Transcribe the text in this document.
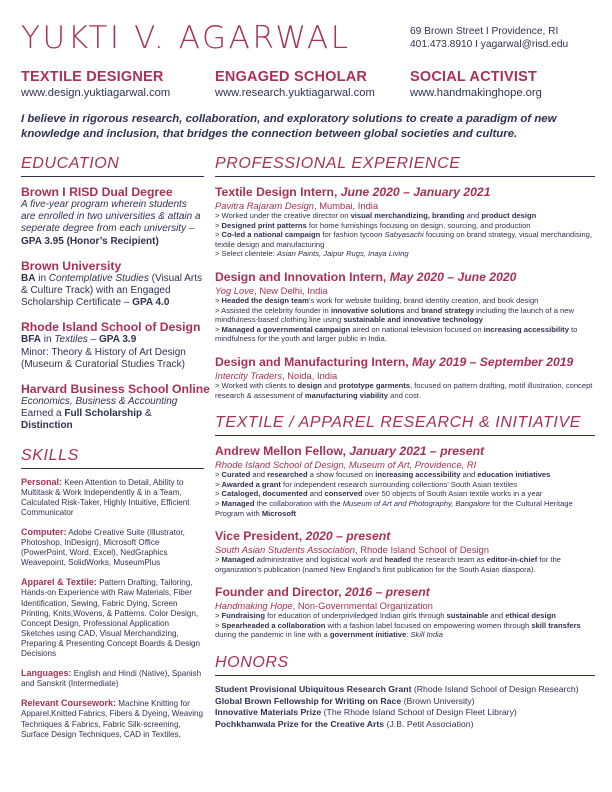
YUKTI V. AGARWAL	69 Brown Street I Providence, RI
401.473.8910 I yagarwal@risd.edu
TEXTILE DESIGNER
www.design.yuktiagarwal.com
ENGAGED SCHOLAR
www.research.yuktiagarwal.com
SOCIAL ACTIVIST
www.handmakinghope.org
I believe in rigorous research, collaboration, and exploratory solutions to create a paradigm of new knowledge and inclusion, that bridges the connection between global societies and culture.
EDUCATION
Brown I RISD Dual Degree
A five-year program wherein students are enrolled in two universities & attain a seperate degree from each university – GPA 3.95 (Honor’s Recipient)
Brown University
BA in Contemplative Studies (Visual Arts & Culture Track) with an Engaged Scholarship Certificate – GPA 4.0
Rhode Island School of Design
BFA in Textiles – GPA 3.9
Minor: Theory & History of Art Design (Museum & Curatorial Studies Track)
Harvard Business School Online
Economics, Business & Accounting
Earned a Full Scholarship & Distinction
SKILLS
Personal: Keen Attention to Detail, Ability to Multitask & Work Independently & in a Team, Calculated Risk-Taker, Highly Intuitive, Efficient Communicator
Computer: Adobe Creative Suite (Illustrator, Photoshop, InDesign), Microsoft Office (PowerPoint, Word, Excel), NedGraphics Weavepoint, SolidWorks, MuseumPlus
Apparel & Textile: Pattern Drafting, Tailoring, Hands-on Experience with Raw Materials, Fiber Identification, Sewing, Fabric Dying, Screen Printing, Knits,Wovens, & Patterns. Color Design, Concept Design, Professional Application Sketches using CAD, Visual Merchandizing, Preparing & Presenting Concept Boards & Design Decisions
Languages: English and Hindi (Native), Spanish and Sanskrit (Intermediate)
Relevant Coursework: Machine Knitting for Apparel,Knitted Fabrics, Fibers & Dyeing, Weaving Techniques & Fabrics, Fabric Silk-screening, Surface Design Techniques, CAD in Textiles,
PROFESSIONAL EXPERIENCE
Textile Design Intern, June 2020 – January 2021
Pavitra Rajaram Design, Mumbai, India
> Worked under the creative director on visual merchandizing, branding and product design
> Designed print patterns for home furnishings focusing on design, sourcing, and production
> Co-led a national campaign for fashion tycoon Sabyasachi focusing on brand strategy, visual merchandising, textile design and manufacturing
> Select clientele: Asian Paints, Jaipur Rugs, Inaya Living
Design and Innovation Intern, May 2020 – June 2020
Yog Love, New Delhi, India
> Headed the design team’s work for website building, brand identity creation, and book design
> Assisted the celebrity founder in innovative solutions and brand strategy including the launch of a new mindfulness-based clothing line using sustainable and innovative technology
> Managed a governmental campaign aired on national television focused on increasing accessibility to mindfulness for the youth and larger public in India.
Design and Manufacturing Intern, May 2019 – September 2019
Intercity Traders, Noida, India
> Worked with clients to design and prototype garments, focused on pattern drafting, motif illustration, concept research & assessment of manufacturing viability and cost.
TEXTILE / APPAREL RESEARCH & INITIATIVE
Andrew Mellon Fellow, January 2021 – present
Rhode Island School of Design, Museum of Art, Providence, RI
> Curated and researched a show focused on increasing accessibility and education initiatives
> Awarded a grant for independent research surrounding collections’ South Asian textiles
> Cataloged, documented and conserved over 50 objects of South Asian textile works in a year
> Managed the collaboration with the Museum of Art and Photography, Bangalore for the Cultural Heritage Program with Microsoft
Vice President, 2020 – present
South Asian Students Association, Rhode Island School of Design
> Managed administrative and logistical work and headed the research team as editor-in-chief for the organization’s publication (named New England’s first publication for the South Asian diaspora).
Founder and Director, 2016 – present
Handmaking Hope, Non-Governmental Organization
> Fundraising for education of underpriviledged Indian girls through sustainable and ethical design
> Spearheaded a collaboration with a fashion label focused on empowering women through skill transfers during the pandemic in line with a government initiative: Skill India
HONORS
Student Provisional Ubiquitous Research Grant (Rhode Island School of Design Research)
Global Brown Fellowship for Writing on Race (Brown University)
Innovative Materials Prize (The Rhode Island School of Design Fleet Library)
Pochkhanwala Prize for the Creative Arts (J.B. Petit Association)
